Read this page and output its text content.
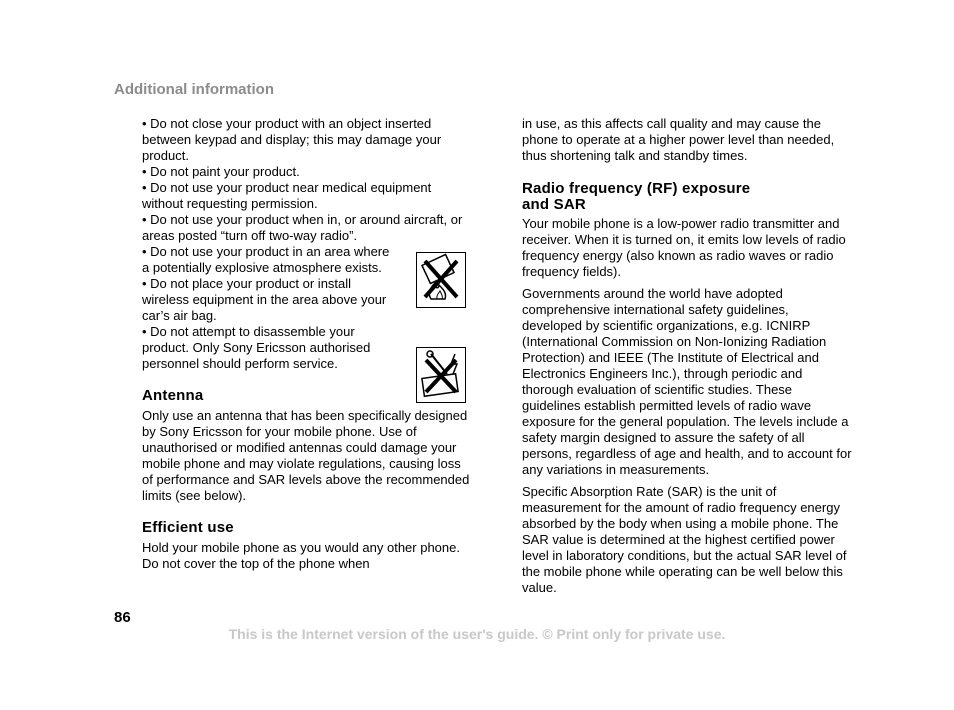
Additional information

• Do not close your product with an object inserted between keypad and display; this may damage your product.

• Do not paint your product.

• Do not use your product near medical equipment without requesting permission.

• Do not use your product when in, or around aircraft, or areas posted “turn off two-way radio”.

• Do not use your product in an area where a potentially explosive atmosphere exists.

• Do not place your product or install wireless equipment in the area above your car’s air bag.

• Do not attempt to disassemble your product. Only Sony Ericsson authorised personnel should perform service.

Antenna

Only use an antenna that has been specifically designed by Sony Ericsson for your mobile phone. Use of unauthorised or modified antennas could damage your mobile phone and may violate regulations, causing loss of performance and SAR levels above the recommended limits (see below).

Efficient use

Hold your mobile phone as you would any other phone. Do not cover the top of the phone when

in use, as this affects call quality and may cause the phone to operate at a higher power level than needed, thus shortening talk and standby times.

Radio frequency (RF) exposure
and SAR

Your mobile phone is a low-power radio transmitter and receiver. When it is turned on, it emits low levels of radio frequency energy (also known as radio waves or radio frequency fields).

Governments around the world have adopted comprehensive international safety guidelines, developed by scientific organizations, e.g. ICNIRP (International Commission on Non-Ionizing Radiation Protection) and IEEE (The Institute of Electrical and Electronics Engineers Inc.), through periodic and thorough evaluation of scientific studies. These guidelines establish permitted levels of radio wave exposure for the general population. The levels include a safety margin designed to assure the safety of all persons, regardless of age and health, and to account for any variations in measurements.

Specific Absorption Rate (SAR) is the unit of measurement for the amount of radio frequency energy absorbed by the body when using a mobile phone. The SAR value is determined at the highest certified power level in laboratory conditions, but the actual SAR level of the mobile phone while operating can be well below this value.

86
This is the Internet version of the user's guide. © Print only for private use.
